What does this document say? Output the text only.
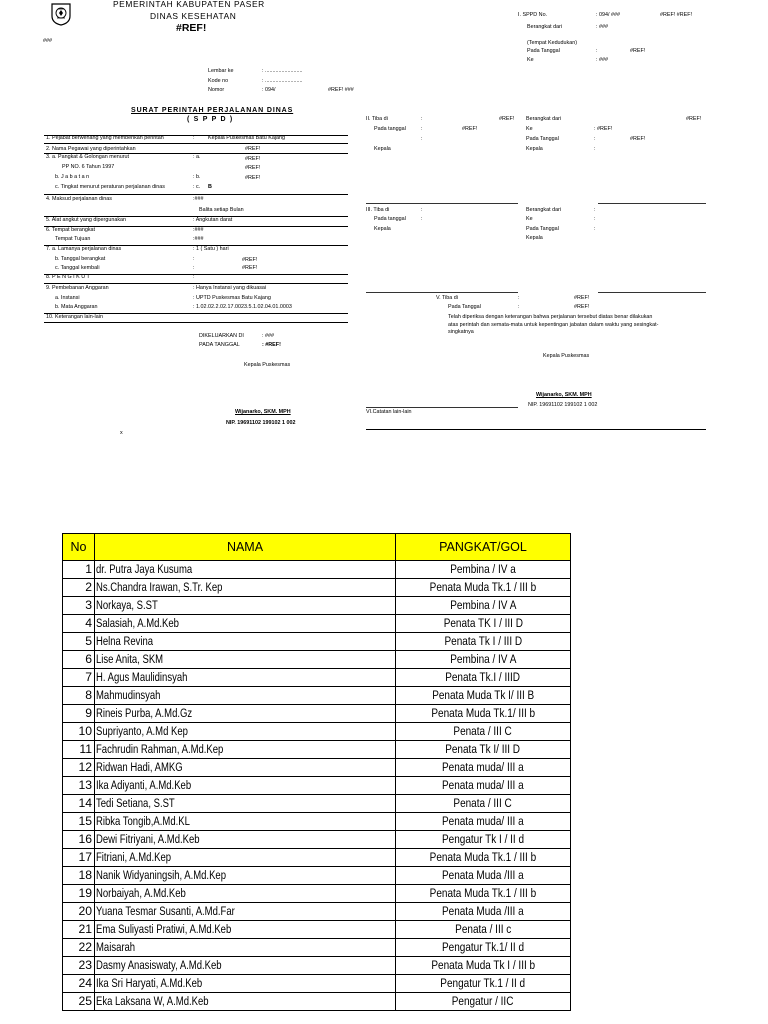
PEMERINTAH KABUPATEN PASER
DINAS KESEHATAN
#REF!
###
I. SPPD No.	: 094/ ###	#REF! #REF!
Berangkat dari	: ###
(Tempat Kedudukan)
Pada Tanggal	:	#REF!
Ke	: ###
Lembar ke	: .........................
Kode no	: .........................
Nomor	: 094/	#REF! ###
SURAT PERINTAH PERJALANAN DINAS
( S P P D )
1. Pejabat berwenang yang memberikan perintah	:	Kepala Puskesmas Batu Kajang
2. Nama Pegawai yang diperintahkan	#REF!
3. a. Pangkat & Golongan menurut	: a.	#REF!
PP NO. 6 Tahun 1997	#REF!
b. J a b a t a n	: b.	#REF!
c. Tingkat menurut peraturan perjalanan dinas	: c. B
4. Maksud perjalanan dinas	:###
Balita setiap Bulan
5. Alat angkut yang dipergunakan	: Angkutan darat
6. Tempat berangkat	:###
Tempat Tujuan	:###
7. a. Lamanya perjalanan dinas	: 1 ( Satu ) hari
b. Tanggal berangkat	:	#REF!
c. Tanggal kembali	:	#REF!
8. P E N G I K U T	:
9. Pembebanan Anggaran	: Hanya Instansi yang dikuasai
a. Instansi	: UPTD Puskesmas Batu Kajang
b. Mata Anggaran	: 1.02.02.2.02.17.0023.5.1.02.04.01.0003
10. Keterangan lain-lain
DIKELUARKAN DI	: ###
PADA TANGGAL	: #REF!
Kepala Puskesmas
Wijanarko, SKM. MPH
NIP. 19691102 199102 1 002
x
II. Tiba di	:	#REF!
Pada tanggal	:	#REF!
:
Kepala
Berangkat dari	#REF!
Ke	: #REF!
Pada Tanggal	:	#REF!
Kepala	:
III. Tiba di	:
Pada tanggal	:
Kepala
Berangkat dari	:
Ke	:
Pada Tanggal	:
Kepala
V. Tiba di	:	#REF!
Pada Tanggal	:	#REF!
Telah diperiksa dengan keterangan bahwa perjalanan tersebut diatas benar dilakukan
atas perintah dan semata-mata untuk kepentingan jabatan dalam waktu yang sesingkat-
singkatnya
Kepala Puskesmas
Wijanarko, SKM. MPH
NIP. 19691102 199102 1 002
VI.Catatan lain-lain
No	NAMA	PANGKAT/GOL
1	dr. Putra Jaya Kusuma	Pembina / IV a
2	Ns.Chandra Irawan, S.Tr. Kep	Penata Muda Tk.1 / III b
3	Norkaya, S.ST	Pembina / IV A
4	Salasiah, A.Md.Keb	Penata TK I / III D
5	Helna Revina	Penata Tk I / III D
6	Lise Anita, SKM	Pembina / IV A
7	H. Agus Maulidinsyah	Penata Tk.I / IIID
8	Mahmudinsyah	Penata Muda Tk I/ III B
9	Rineis Purba, A.Md.Gz	Penata Muda Tk.1/ III b
10	Supriyanto, A.Md Kep	Penata / III C
11	Fachrudin Rahman, A.Md.Kep	Penata Tk I/ III D
12	Ridwan Hadi, AMKG	Penata muda/ III a
13	Ika Adiyanti, A.Md.Keb	Penata muda/ III a
14	Tedi Setiana, S.ST	Penata / III C
15	Ribka Tongib,A.Md.KL	Penata muda/ III a
16	Dewi Fitriyani, A.Md.Keb	Pengatur Tk I / II d
17	Fitriani, A.Md.Kep	Penata Muda Tk.1 / III b
18	Nanik Widyaningsih, A.Md.Kep	Penata Muda /III a
19	Norbaiyah, A.Md.Keb	Penata Muda Tk.1 / III b
20	Yuana Tesmar Susanti, A.Md.Far	Penata Muda /III a
21	Ema Suliyasti Pratiwi, A.Md.Keb	Penata / III c
22	Maisarah	Pengatur Tk.1/ II d
23	Dasmy Anasiswaty, A.Md.Keb	Penata Muda Tk I / III b
24	Ika Sri Haryati, A.Md.Keb	Pengatur Tk.1 / II d
25	Eka Laksana W, A.Md.Keb	Pengatur / IIC
